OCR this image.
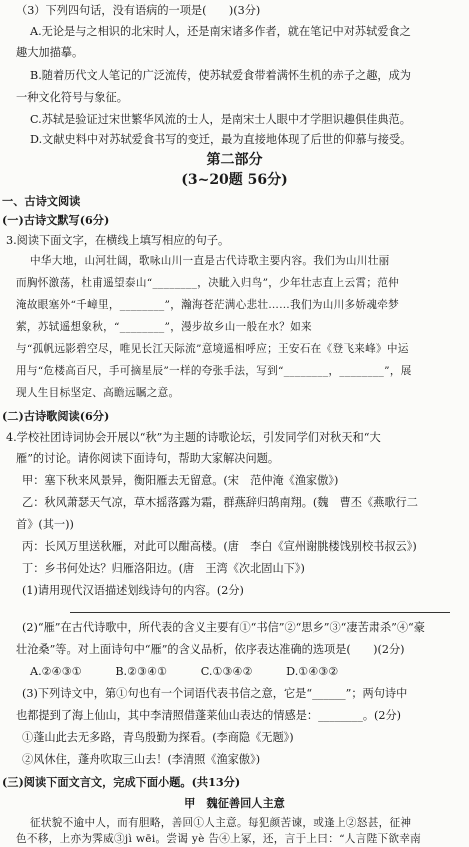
（3）下列四句话，没有语病的一项是(　　)(3分)
A.无论是与之相识的北宋时人，还是南宋诸多作者，就在笔记中对苏轼爱食之
趣大加描摹。
B.随着历代文人笔记的广泛流传，使苏轼爱食带着满怀生机的赤子之趣，成为
一种文化符号与象征。
C.苏轼是验证过宋世繁华风流的士人，是南宋士人眼中才学胆识趣俱佳典范。
D.文献史料中对苏轼爱食书写的变迁，最为直接地体现了后世的仰慕与接受。
第二部分
(3~20题 56分)
一、古诗文阅读
(一)古诗文默写(6分)
3.阅读下面文字，在横线上填写相应的句子。
中华大地，山河壮阔，歌咏山川一直是古代诗歌主要内容。我们为山川壮丽
而胸怀激荡，杜甫遥望泰山“________，决眦入归鸟”，少年壮志直上云霄；范仲
淹故眼塞外“千嶂里，________”，瀚海苍茫满心悲壮……我们为山川多娇魂牵梦
萦，苏轼遥想象秋，“________”，漫步故乡山一般在水？如来
与“孤帆远影碧空尽，唯见长江天际流”意境遥相呼应；王安石在《登飞来峰》中运
用与“危楼高百尺，手可摘星辰”一样的夸张手法，写到“________，________”，展
现人生目标坚定、高瞻远瞩之意。
(二)古诗歌阅读(6分)
4.学校社团诗词协会开展以“秋”为主题的诗歌论坛，引发同学们对秋天和“大
雁”的讨论。请你阅读下面诗句，帮助大家解决问题。
甲：塞下秋来风景异，衡阳雁去无留意。(宋　范仲淹《渔家傲》)
乙：秋风萧瑟天气凉，草木摇落露为霜，群燕辞归鹄南翔。(魏　曹丕《燕歌行二
首》(其一))
丙：长风万里送秋雁，对此可以酣高楼。(唐　李白《宣州谢朓楼饯别校书叔云》)
丁：乡书何处达？归雁洛阳边。(唐　王湾《次北固山下》)
(1)请用现代汉语描述划线诗句的内容。(2分)
(2)“雁”在古代诗歌中，所代表的含义主要有①“书信”②“思乡”③“凄苦肃杀”④“豪
壮沧桑”等。对上面诗句中“雁”的含义品析，依序表达准确的选项是(　　)(2分)
A.②④③①　　　B.②③④①　　　C.①③④②　　　D.①④③②
(3)下列诗文中，第①句也有一个词语代表书信之意，它是“______”；两句诗中
也都提到了海上仙山，其中李清照借蓬莱仙山表达的情感是：________。(2分)
①蓬山此去无多路，青鸟殷勤为探看。(李商隐《无题》)
②风休住，蓬舟吹取三山去！(李清照《渔家傲》)
(三)阅读下面文言文，完成下面小题。(共13分)
甲　魏征善回人主意
征状貌不逾中人，而有胆略，善回①人主意。每犯颜苦谏，或逢上②怒甚，征神
色不移，上亦为霁威③jì wēi。尝谒 yè 告④上冢，还，言于上曰：“人言陛下欲幸南
